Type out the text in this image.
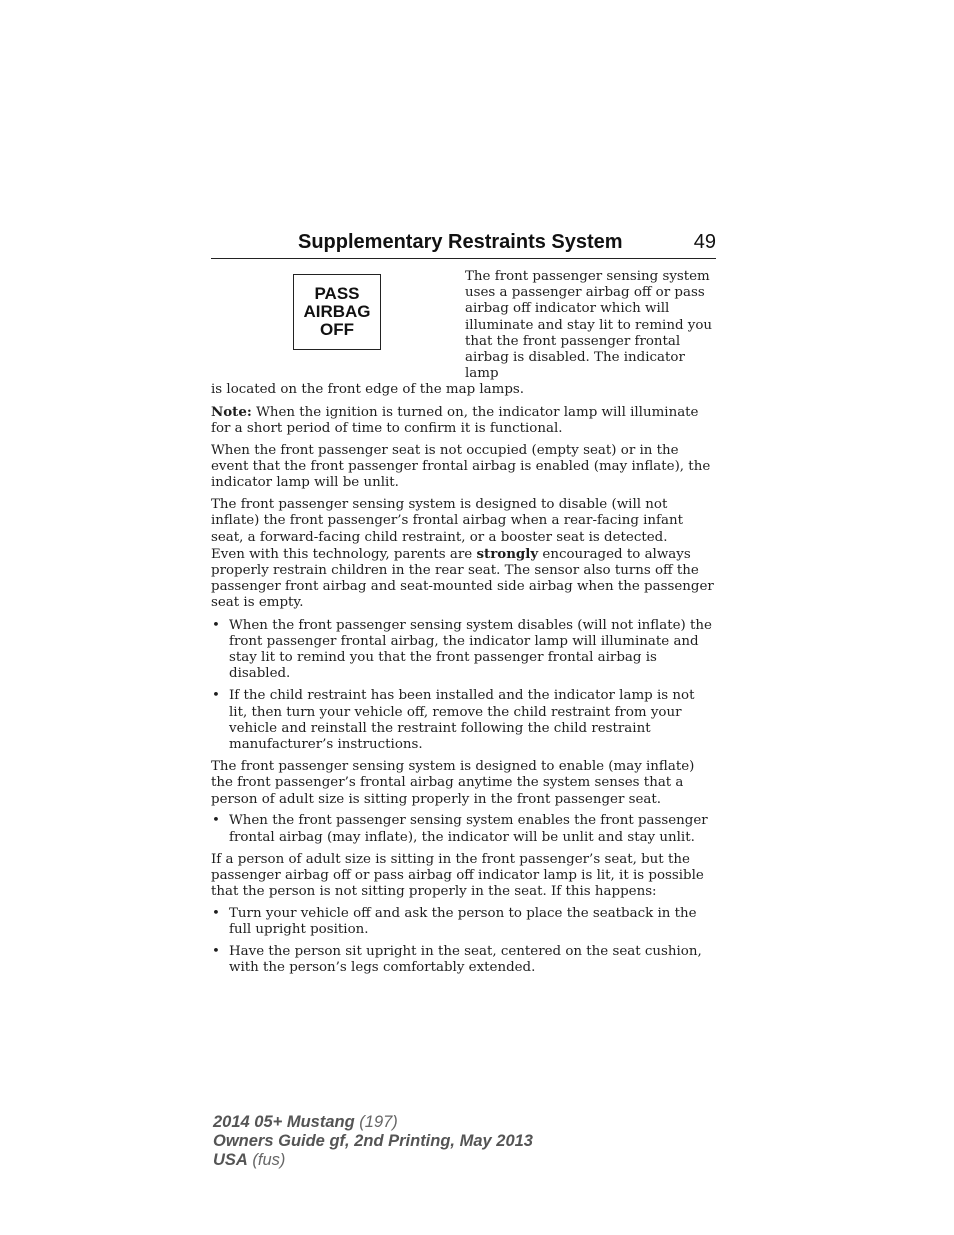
Supplementary Restraints System	49
PASS
AIRBAG
OFF
The front passenger sensing system
uses a passenger airbag off or pass
airbag off indicator which will
illuminate and stay lit to remind you
that the front passenger frontal
airbag is disabled. The indicator lamp

is located on the front edge of the map lamps.

Note: When the ignition is turned on, the indicator lamp will illuminate for a short period of time to confirm it is functional.

When the front passenger seat is not occupied (empty seat) or in the event that the front passenger frontal airbag is enabled (may inflate), the indicator lamp will be unlit.

The front passenger sensing system is designed to disable (will not inflate) the front passenger’s frontal airbag when a rear-facing infant seat, a forward-facing child restraint, or a booster seat is detected.
Even with this technology, parents are strongly encouraged to always properly restrain children in the rear seat. The sensor also turns off the passenger front airbag and seat-mounted side airbag when the passenger seat is empty.

• When the front passenger sensing system disables (will not inflate) the front passenger frontal airbag, the indicator lamp will illuminate and stay lit to remind you that the front passenger frontal airbag is disabled.
• If the child restraint has been installed and the indicator lamp is not lit, then turn your vehicle off, remove the child restraint from your vehicle and reinstall the restraint following the child restraint manufacturer’s instructions.

The front passenger sensing system is designed to enable (may inflate) the front passenger’s frontal airbag anytime the system senses that a person of adult size is sitting properly in the front passenger seat.

• When the front passenger sensing system enables the front passenger frontal airbag (may inflate), the indicator will be unlit and stay unlit.

If a person of adult size is sitting in the front passenger’s seat, but the passenger airbag off or pass airbag off indicator lamp is lit, it is possible that the person is not sitting properly in the seat. If this happens:

• Turn your vehicle off and ask the person to place the seatback in the full upright position.
• Have the person sit upright in the seat, centered on the seat cushion, with the person’s legs comfortably extended.
2014 05+ Mustang (197)
Owners Guide gf, 2nd Printing, May 2013
USA (fus)
